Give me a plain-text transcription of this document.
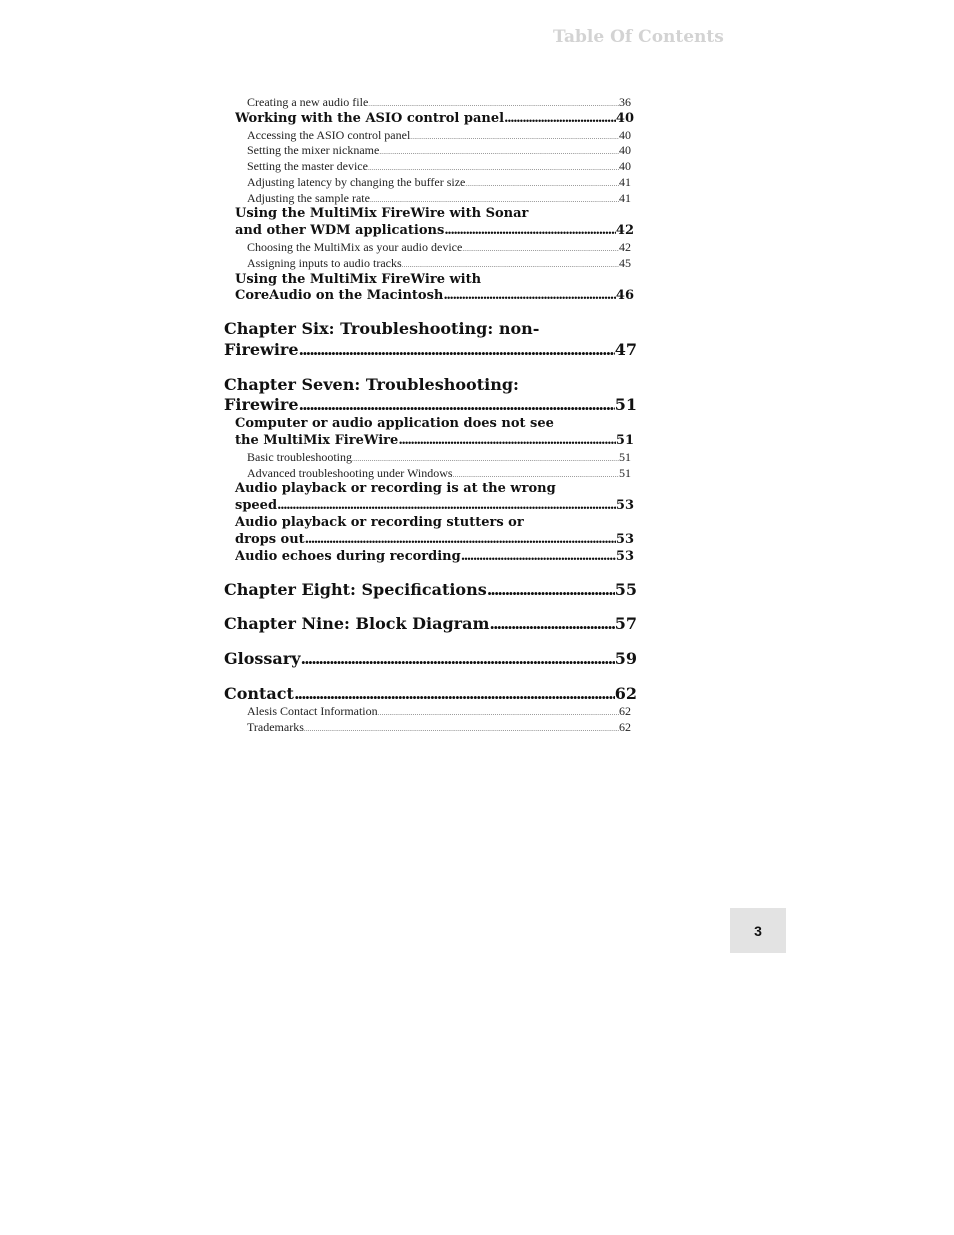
Table Of Contents
Creating a new audio file .....	36
Working with the ASIO control panel .....	40
Accessing the ASIO control panel .....	40
Setting the mixer nickname .....	40
Setting the master device .....	40
Adjusting latency by changing the buffer size .....	41
Adjusting the sample rate .....	41
Using the MultiMix FireWire with Sonar
and other WDM applications .....	42
Choosing the MultiMix as your audio device .....	42
Assigning inputs to audio tracks .....	45
Using the MultiMix FireWire with
CoreAudio on the Macintosh .....	46
Chapter Six: Troubleshooting: non-
Firewire .....	47
Chapter Seven: Troubleshooting:
Firewire .....	51
Computer or audio application does not see
the MultiMix FireWire .....	51
Basic troubleshooting .....	51
Advanced troubleshooting under Windows .....	51
Audio playback or recording is at the wrong
speed .....	53
Audio playback or recording stutters or
drops out .....	53
Audio echoes during recording .....	53
Chapter Eight: Specifications .....	55
Chapter Nine: Block Diagram .....	57
Glossary .....	59
Contact .....	62
Alesis Contact Information .....	62
Trademarks .....	62
3
